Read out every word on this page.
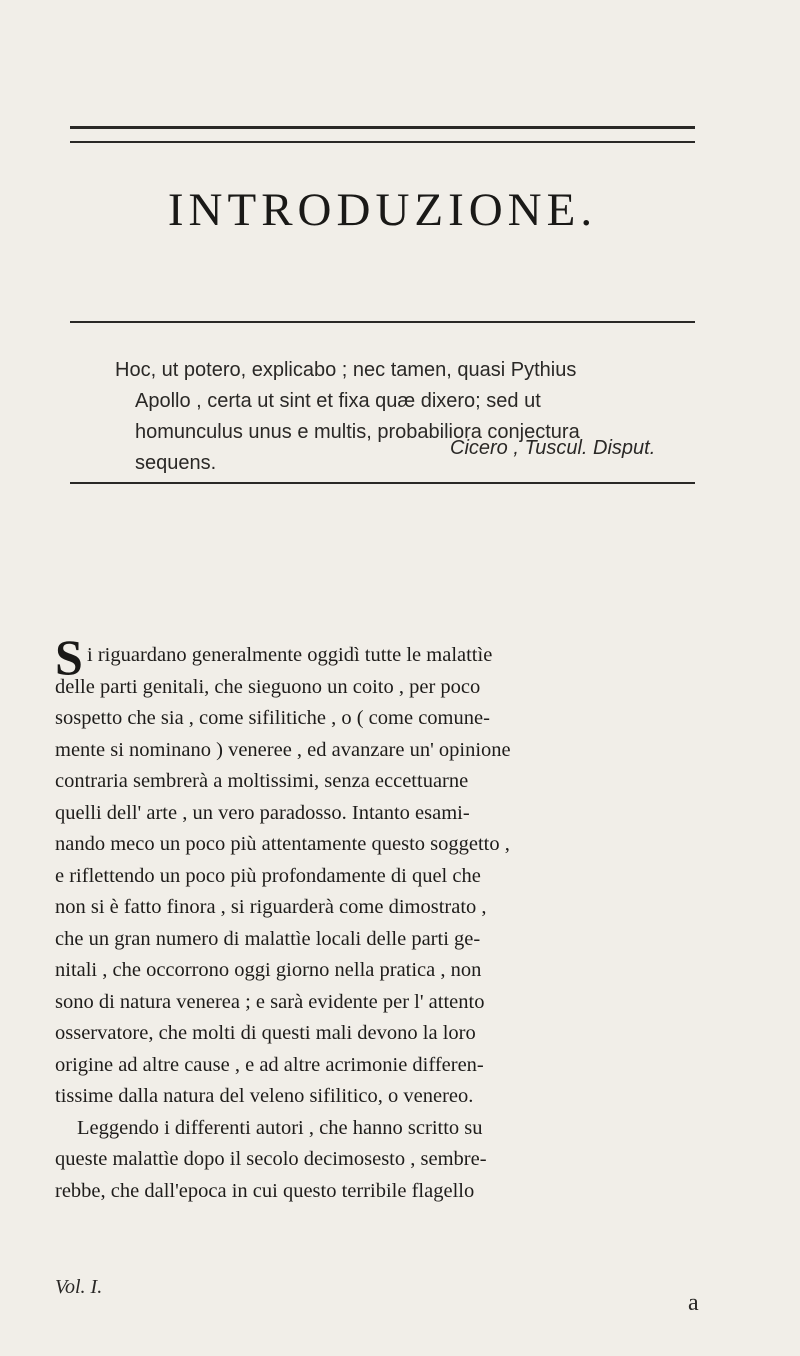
INTRODUZIONE.

Hoc, ut potero, explicabo ; nec tamen, quasi Pythius

Apollo , certa ut sint et fixa quæ dixero; sed ut

homunculus unus e multis, probabiliora conjectura

sequens.

Cicero , Tuscul. Disput.
S i riguardano generalmente oggidì tutte le malattìe
delle parti genitali, che sieguono un coito , per poco
sospetto che sia , come sifilitiche , o ( come comune-
mente si nominano ) veneree , ed avanzare un' opinione
contraria sembrerà a moltissimi, senza eccettuarne
quelli dell' arte , un vero paradosso. Intanto esami-
nando meco un poco più attentamente questo soggetto ,
e riflettendo un poco più profondamente di quel che
non si è fatto finora , si riguarderà come dimostrato ,
che un gran numero di malattìe locali delle parti ge-
nitali , che occorrono oggi giorno nella pratica , non
sono di natura venerea ; e sarà evidente per l' attento
osservatore, che molti di questi mali devono la loro
origine ad altre cause , e ad altre acrimonie differen-
tissime dalla natura del veleno sifilitico, o venereo.
Leggendo i differenti autori , che hanno scritto su
queste malattìe dopo il secolo decimosesto , sembre-
rebbe, che dall'epoca in cui questo terribile flagello
Vol. I.
a
